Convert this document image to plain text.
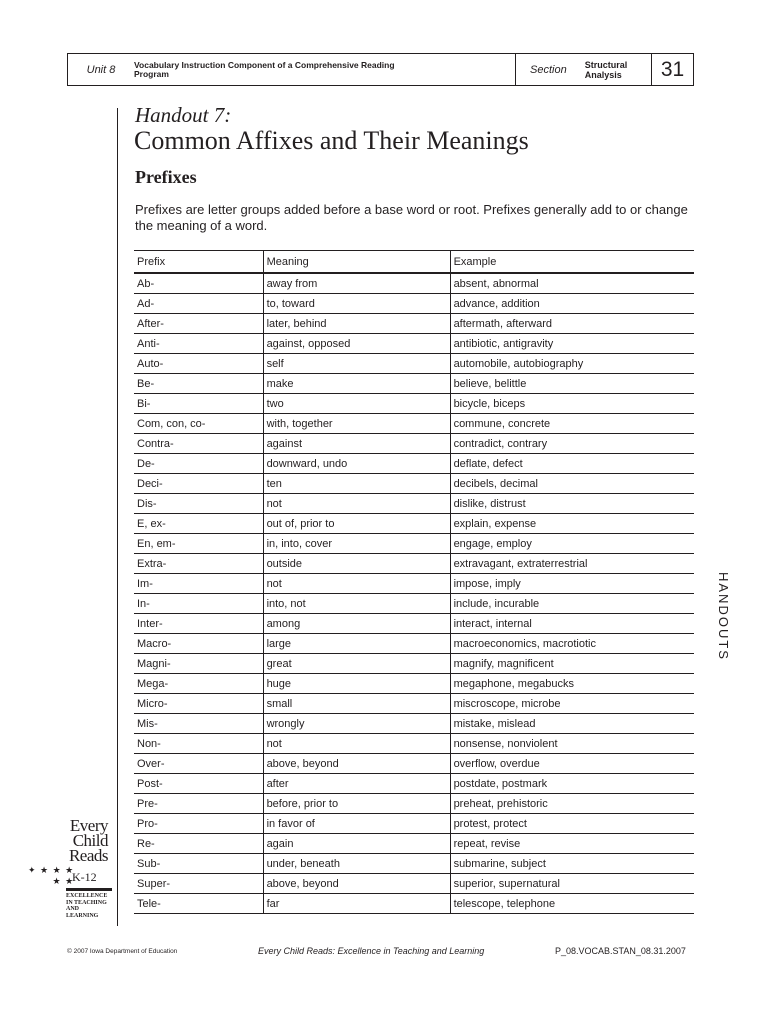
Unit 8	Vocabulary Instruction Component of a Comprehensive Reading Program	Section Structural Analysis	31
Handout 7:
Common Affixes and Their Meanings
Prefixes
Prefixes are letter groups added before a base word or root. Prefixes generally add to or change the meaning of a word.
Prefix	Meaning	Example
Ab-	away from	absent, abnormal
Ad-	to, toward	advance, addition
After-	later, behind	aftermath, afterward
Anti-	against, opposed	antibiotic, antigravity
Auto-	self	automobile, autobiography
Be-	make	believe, belittle
Bi-	two	bicycle, biceps
Com, con, co-	with, together	commune, concrete
Contra-	against	contradict, contrary
De-	downward, undo	deflate, defect
Deci-	ten	decibels, decimal
Dis-	not	dislike, distrust
E, ex-	out of, prior to	explain, expense
En, em-	in, into, cover	engage, employ
Extra-	outside	extravagant, extraterrestrial
Im-	not	impose, imply
In-	into, not	include, incurable
Inter-	among	interact, internal
Macro-	large	macroeconomics, macrotiotic
Magni-	great	magnify, magnificent
Mega-	huge	megaphone, megabucks
Micro-	small	miscroscope, microbe
Mis-	wrongly	mistake, mislead
Non-	not	nonsense, nonviolent
Over-	above, beyond	overflow, overdue
Post-	after	postdate, postmark
Pre-	before, prior to	preheat, prehistoric
Pro-	in favor of	protest, protect
Re-	again	repeat, revise
Sub-	under, beneath	submarine, subject
Super-	above, beyond	superior, supernatural
Tele-	far	telescope, telephone
HANDOUTS
Every
Child
Reads
✦ ★ ★ ★
★ ★
K-12
EXCELLENCE IN TEACHING AND LEARNING
© 2007 Iowa Department of Education	Every Child Reads: Excellence in Teaching and Learning	P_08.VOCAB.STAN_08.31.2007
